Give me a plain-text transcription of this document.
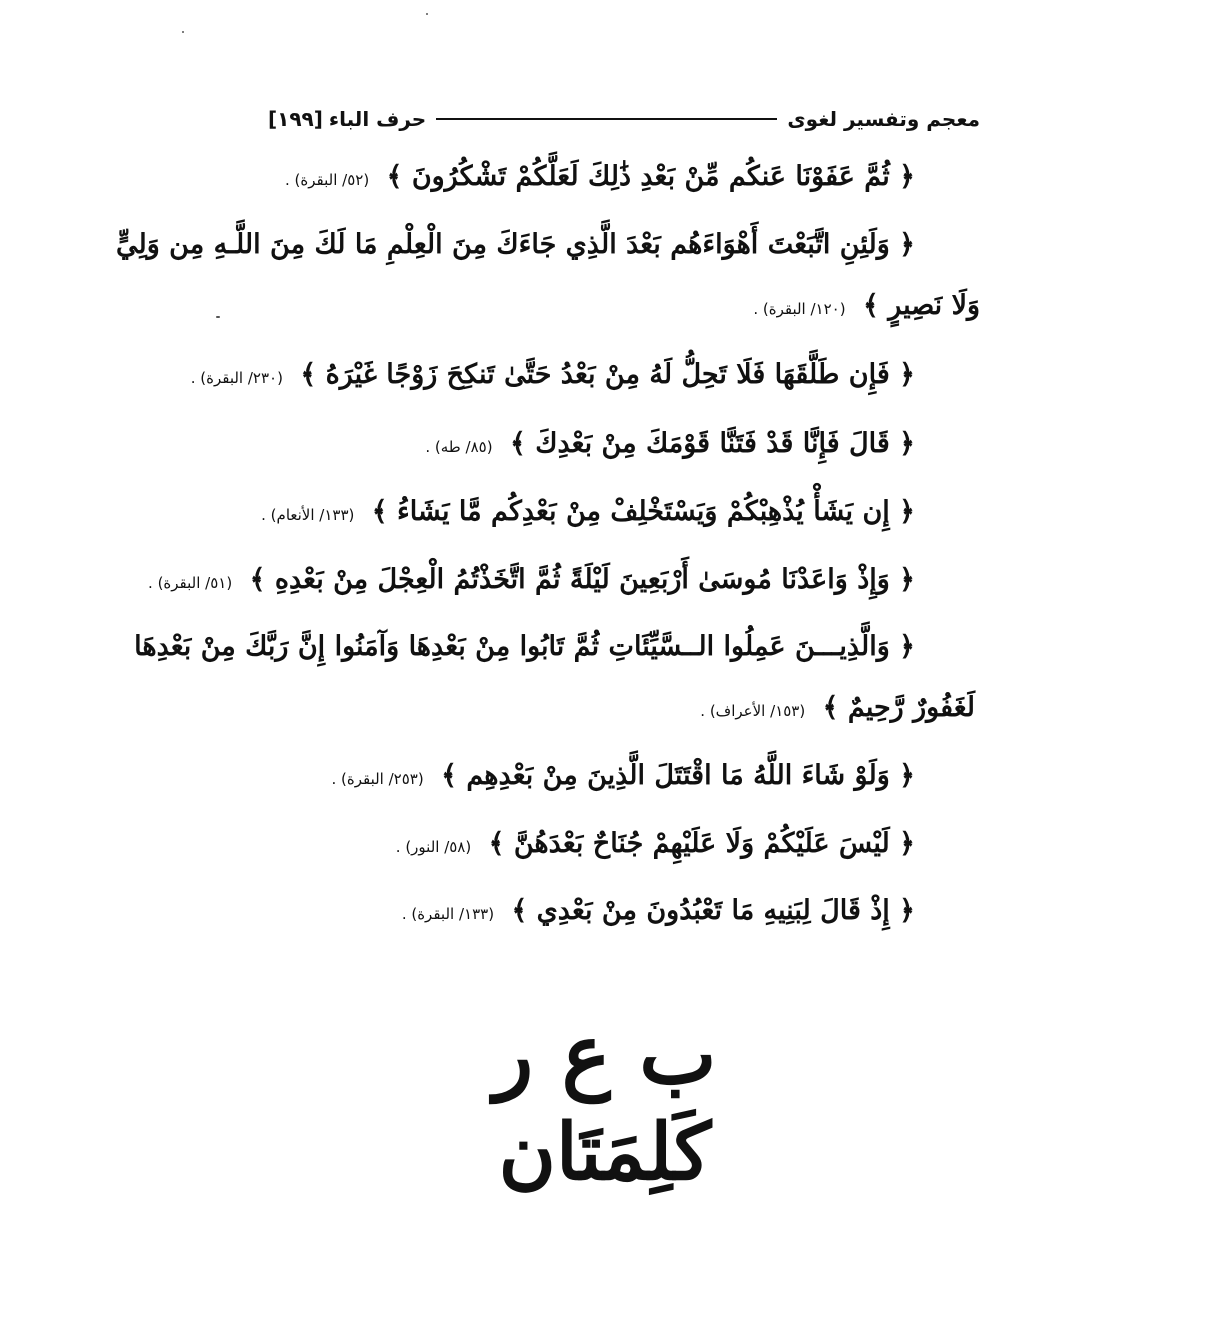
معجم وتفسير لغوى
حرف الباء
[١٩٩]
﴿ ثُمَّ عَفَوْنَا عَنكُم مِّنْ بَعْدِ ذَٰلِكَ لَعَلَّكُمْ تَشْكُرُونَ ﴾ (٥٢/ البقرة) .
﴿ وَلَئِنِ اتَّبَعْتَ أَهْوَاءَهُم بَعْدَ الَّذِي جَاءَكَ مِنَ الْعِلْمِ مَا لَكَ مِنَ اللَّـهِ مِن وَلِيٍّ
وَلَا نَصِيرٍ ﴾ (١٢٠/ البقرة) .
﴿ فَإِن طَلَّقَهَا فَلَا تَحِلُّ لَهُ مِنْ بَعْدُ حَتَّىٰ تَنكِحَ زَوْجًا غَيْرَهُ ﴾ (٢٣٠/ البقرة) .
﴿ قَالَ فَإِنَّا قَدْ فَتَنَّا قَوْمَكَ مِنْ بَعْدِكَ ﴾ (٨٥/ طه) .
﴿ إِن يَشَأْ يُذْهِبْكُمْ وَيَسْتَخْلِفْ مِنْ بَعْدِكُم مَّا يَشَاءُ ﴾ (١٣٣/ الأنعام) .
﴿ وَإِذْ وَاعَدْنَا مُوسَىٰ أَرْبَعِينَ لَيْلَةً ثُمَّ اتَّخَذْتُمُ الْعِجْلَ مِنْ بَعْدِهِ ﴾ (٥١/ البقرة) .
﴿ وَالَّذِيـــنَ عَمِلُوا الــسَّيِّئَاتِ ثُمَّ تَابُوا مِنْ بَعْدِهَا وَآمَنُوا إِنَّ رَبَّكَ مِنْ بَعْدِهَا
لَغَفُورٌ رَّحِيمٌ ﴾ (١٥٣/ الأعراف) .
﴿ وَلَوْ شَاءَ اللَّهُ مَا اقْتَتَلَ الَّذِينَ مِنْ بَعْدِهِم ﴾ (٢٥٣/ البقرة) .
﴿ لَيْسَ عَلَيْكُمْ وَلَا عَلَيْهِمْ جُنَاحٌ بَعْدَهُنَّ ﴾ (٥٨/ النور) .
﴿ إِذْ قَالَ لِبَنِيهِ مَا تَعْبُدُونَ مِنْ بَعْدِي ﴾ (١٣٣/ البقرة) .
ب ع ر
كَلِمَتَان
